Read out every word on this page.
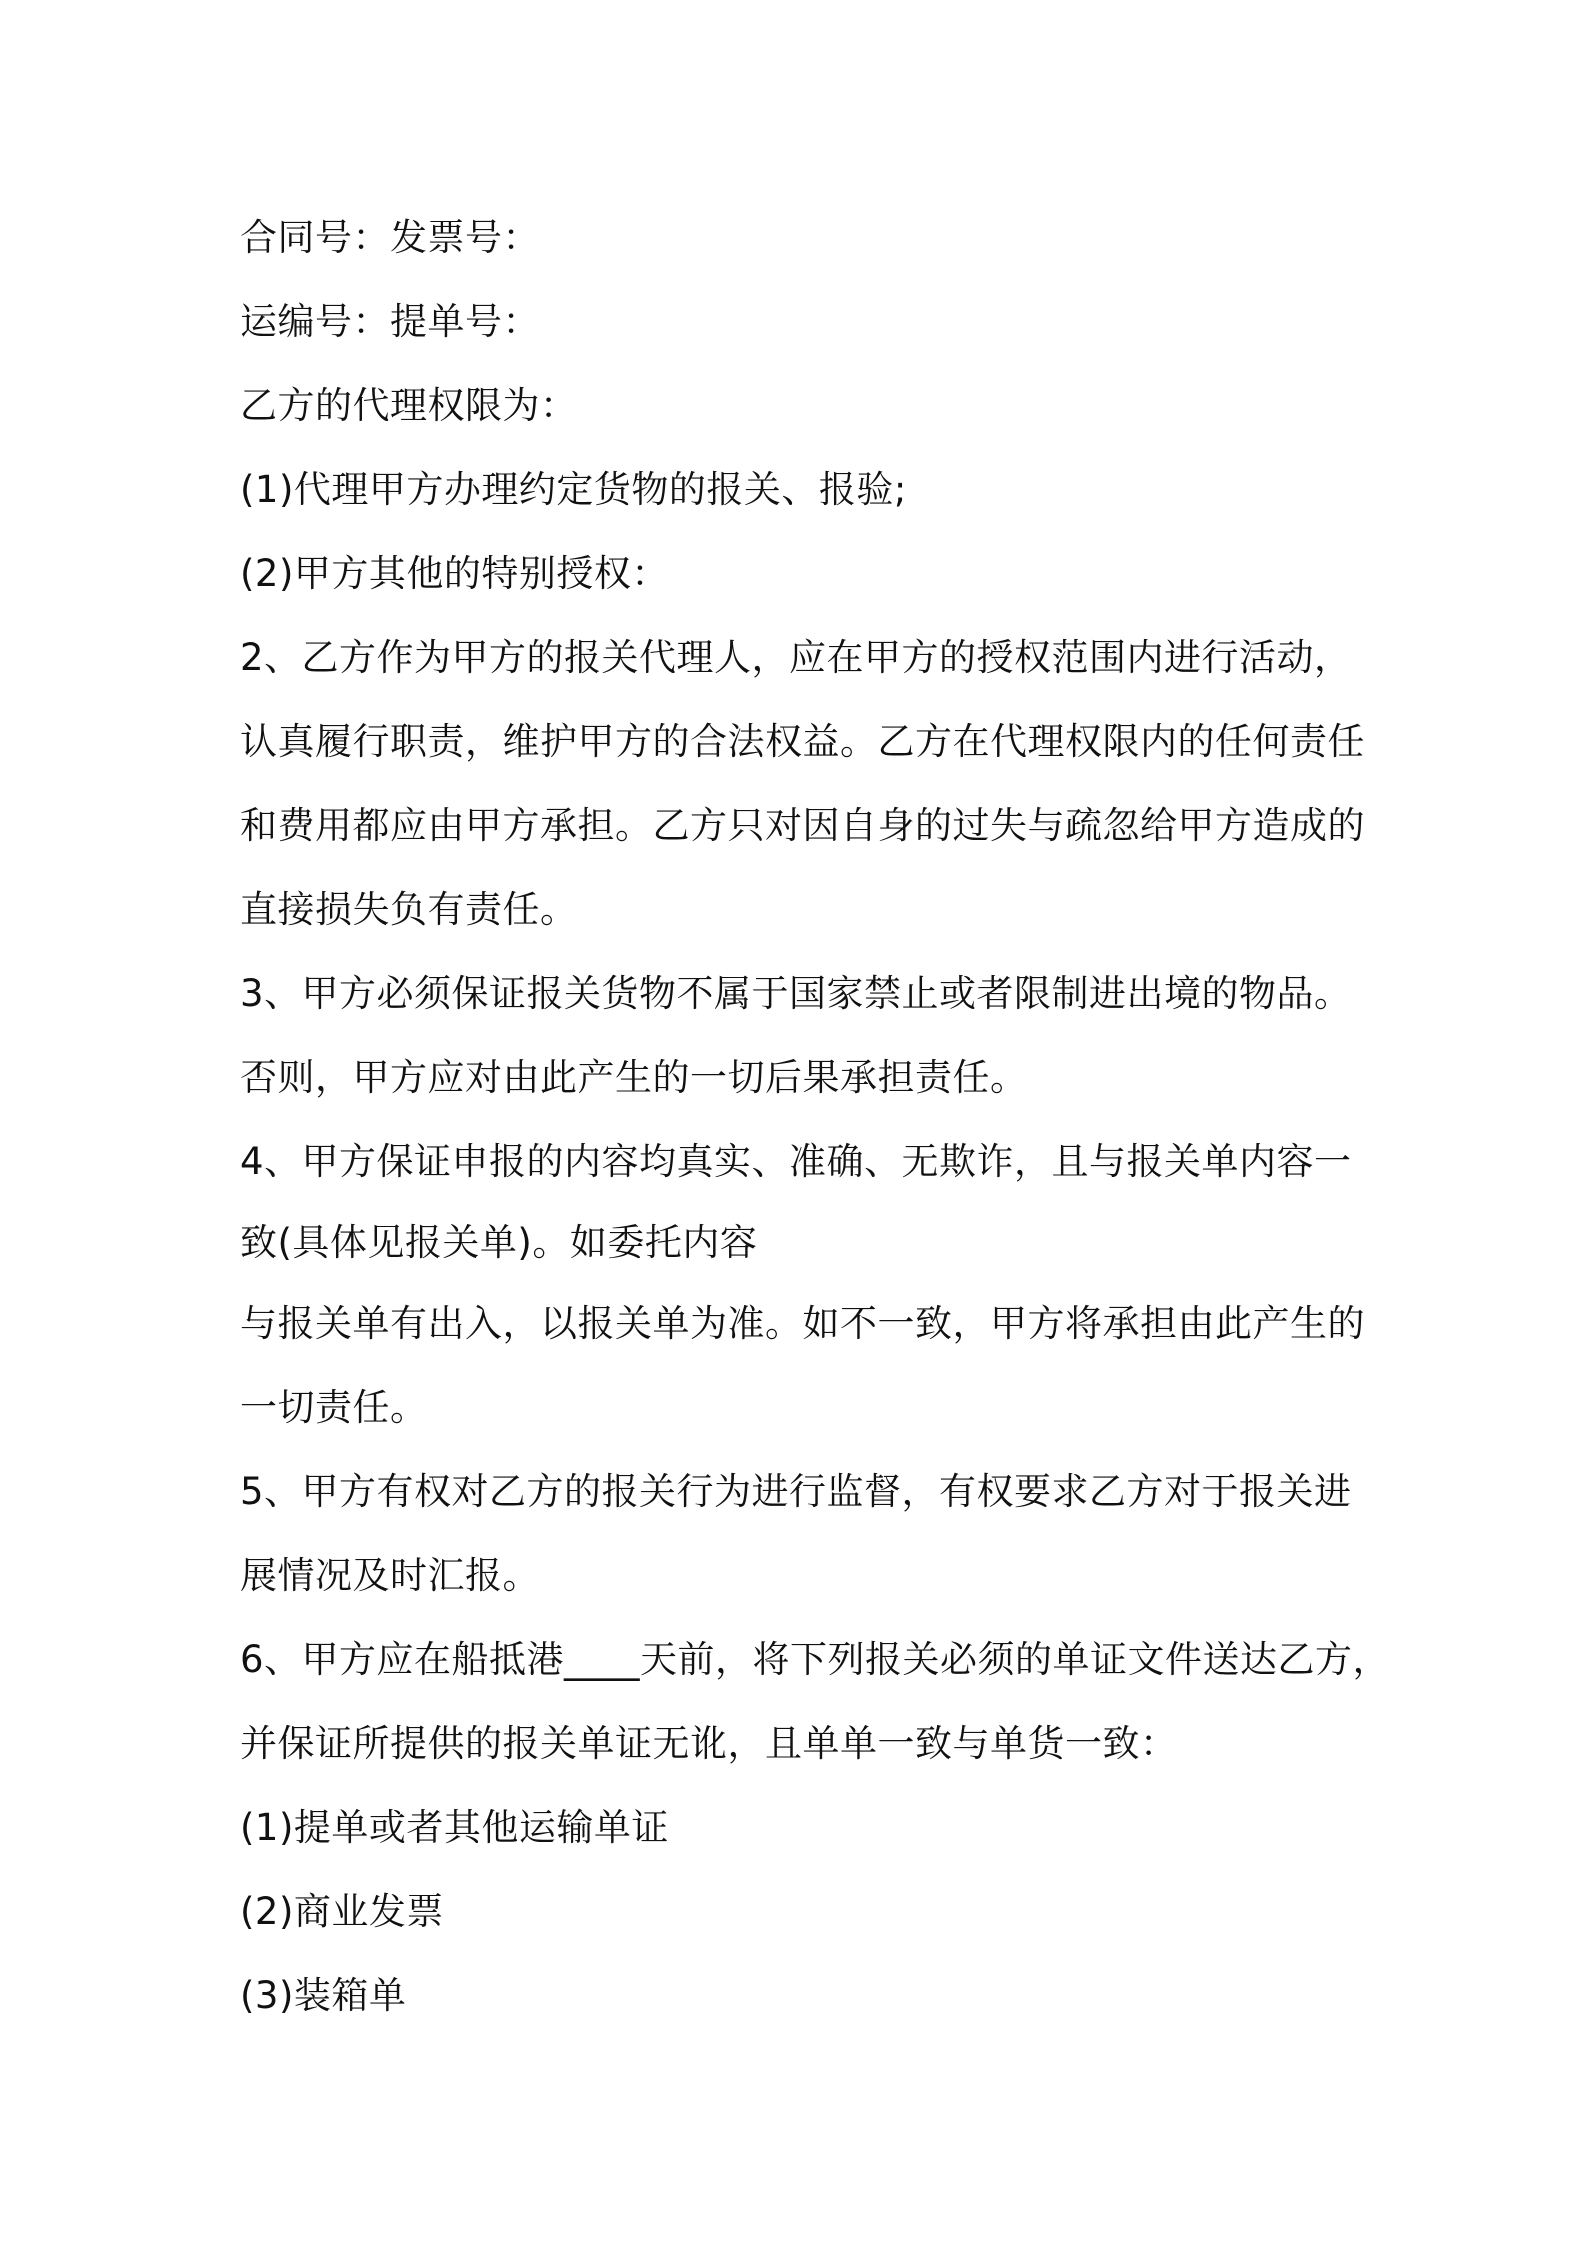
合同号：发票号：
运编号：提单号：
乙方的代理权限为：
(1)代理甲方办理约定货物的报关、报验;
(2)甲方其他的特别授权：
2、乙方作为甲方的报关代理人，应在甲方的授权范围内进行活动，
认真履行职责，维护甲方的合法权益。乙方在代理权限内的任何责任
和费用都应由甲方承担。乙方只对因自身的过失与疏忽给甲方造成的
直接损失负有责任。
3、甲方必须保证报关货物不属于国家禁止或者限制进出境的物品。
否则，甲方应对由此产生的一切后果承担责任。
4、甲方保证申报的内容均真实、准确、无欺诈，且与报关单内容一
致(具体见报关单)。如委托内容
与报关单有出入，以报关单为准。如不一致，甲方将承担由此产生的
一切责任。
5、甲方有权对乙方的报关行为进行监督，有权要求乙方对于报关进
展情况及时汇报。
6、甲方应在船抵港____天前，将下列报关必须的单证文件送达乙方，
并保证所提供的报关单证无讹，且单单一致与单货一致：
(1)提单或者其他运输单证
(2)商业发票
(3)装箱单
